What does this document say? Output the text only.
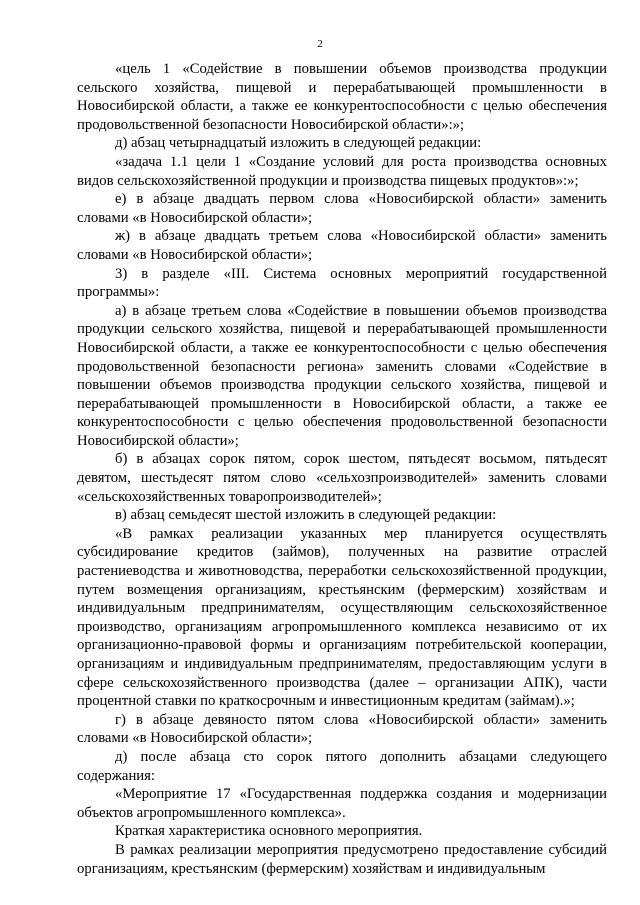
2

«цель 1 «Содействие в повышении объемов производства продукции сельского хозяйства, пищевой и перерабатывающей промышленности в Новосибирской области, а также ее конкурентоспособности с целью обеспечения продовольственной безопасности Новосибирской области»:»;

д) абзац четырнадцатый изложить в следующей редакции:

«задача 1.1 цели 1 «Создание условий для роста производства основных видов сельскохозяйственной продукции и производства пищевых продуктов»:»;

е) в абзаце двадцать первом слова «Новосибирской области» заменить словами «в Новосибирской области»;

ж) в абзаце двадцать третьем слова «Новосибирской области» заменить словами «в Новосибирской области»;

3) в разделе «III. Система основных мероприятий государственной программы»:

а) в абзаце третьем слова «Содействие в повышении объемов производства продукции сельского хозяйства, пищевой и перерабатывающей промышленности Новосибирской области, а также ее конкурентоспособности с целью обеспечения продовольственной безопасности региона» заменить словами «Содействие в повышении объемов производства продукции сельского хозяйства, пищевой и перерабатывающей промышленности в Новосибирской области, а также ее конкурентоспособности с целью обеспечения продовольственной безопасности Новосибирской области»;

б) в абзацах сорок пятом, сорок шестом, пятьдесят восьмом, пятьдесят девятом, шестьдесят пятом слово «сельхозпроизводителей» заменить словами «сельскохозяйственных товаропроизводителей»;

в) абзац семьдесят шестой изложить в следующей редакции:

«В рамках реализации указанных мер планируется осуществлять субсидирование кредитов (займов), полученных на развитие отраслей растениеводства и животноводства, переработки сельскохозяйственной продукции, путем возмещения организациям, крестьянским (фермерским) хозяйствам и индивидуальным предпринимателям, осуществляющим сельскохозяйственное производство, организациям агропромышленного комплекса независимо от их организационно-правовой формы и организациям потребительской кооперации, организациям и индивидуальным предпринимателям, предоставляющим услуги в сфере сельскохозяйственного производства (далее – организации АПК), части процентной ставки по краткосрочным и инвестиционным кредитам (займам).»;

г) в абзаце девяносто пятом слова «Новосибирской области» заменить словами «в Новосибирской области»;

д) после абзаца сто сорок пятого дополнить абзацами следующего содержания:

«Мероприятие 17 «Государственная поддержка создания и модернизации объектов агропромышленного комплекса».

Краткая характеристика основного мероприятия.

В рамках реализации мероприятия предусмотрено предоставление субсидий организациям, крестьянским (фермерским) хозяйствам и индивидуальным
